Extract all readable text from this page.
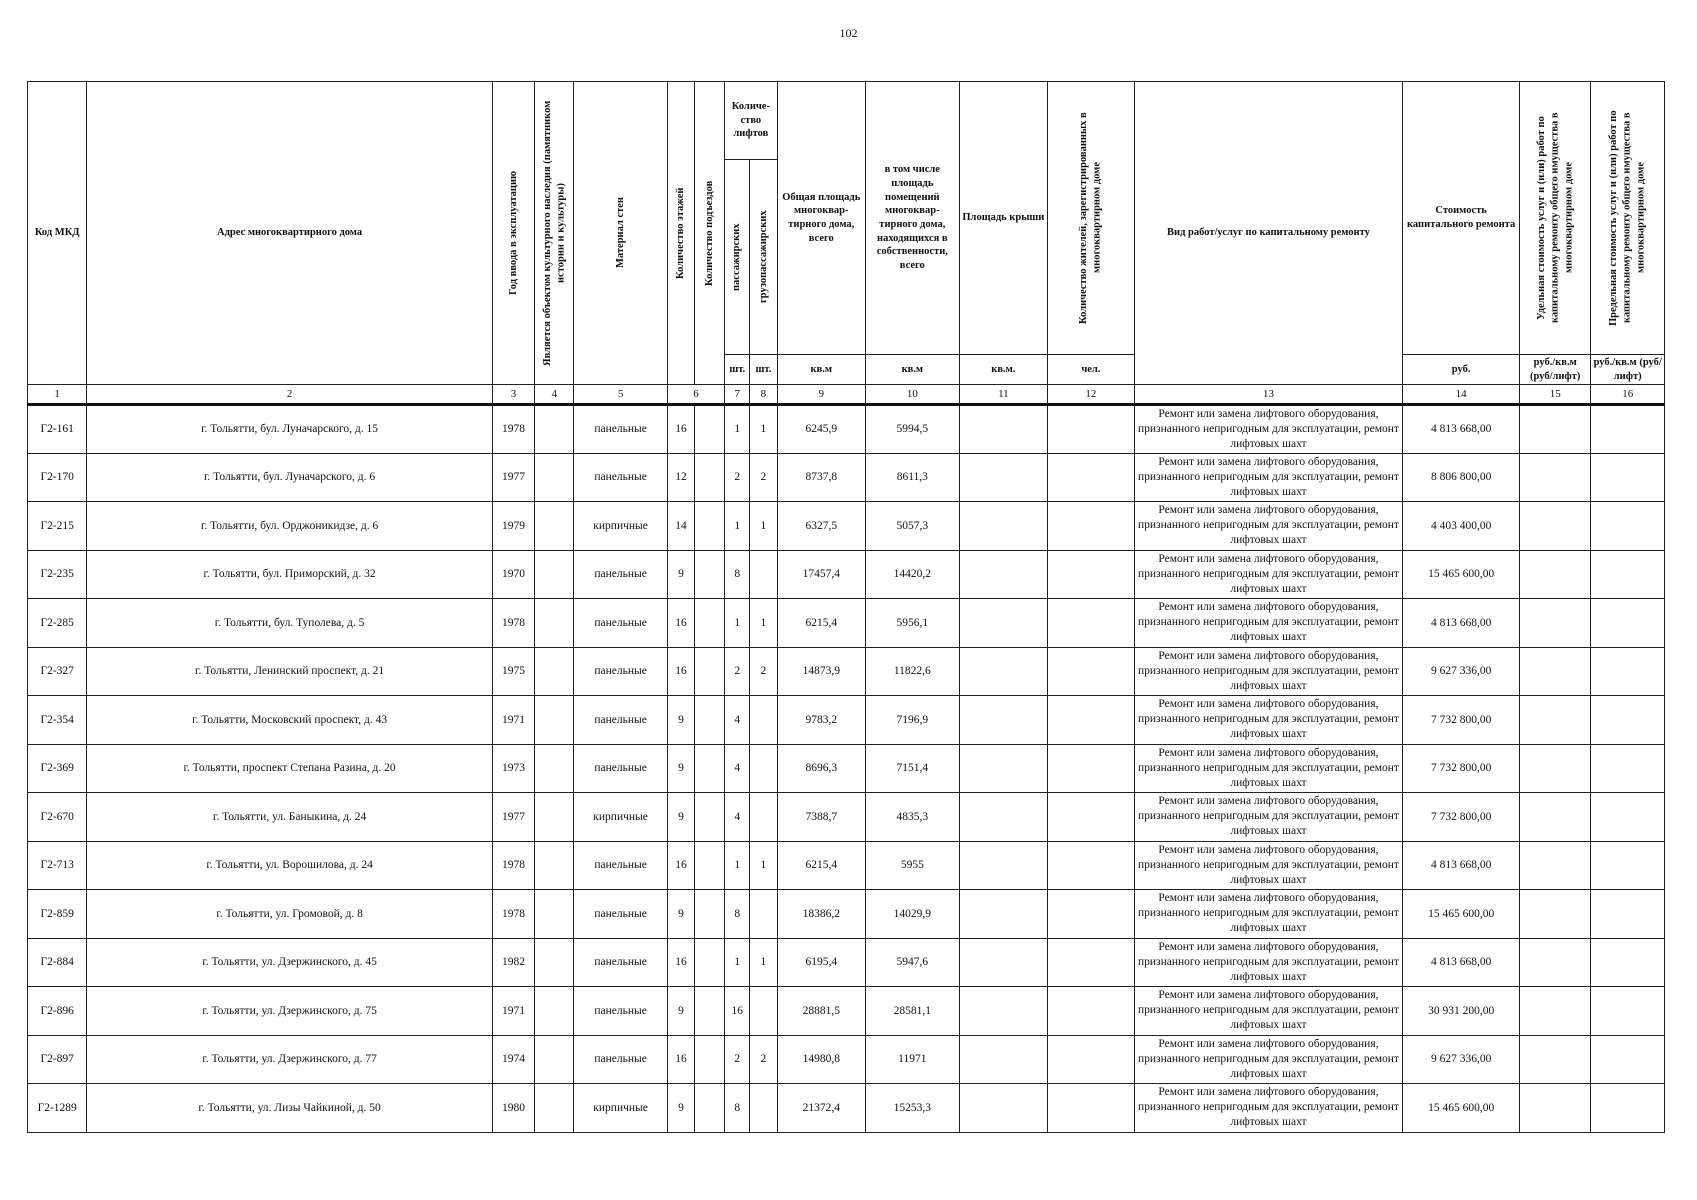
102
Код МКД	Адрес многоквартирного дома	Год ввода в эксплуатацию	Является объектом культурного наследия (памятником истории и культуры)	Материал стен	Количество этажей	Количество подъездов	Количе-ство лифтов		Общая площадь многоквар-тирного дома, всего	в том числе площадь помещений многоквар-тирного дома, находящихся в собственности, всего	Площадь крыши	Количество жителей, зарегистрированных в многоквартирном доме	Вид работ/услуг по капитальному ремонту	Стоимость капитального ремонта	Удельная стоимость услуг и (или) работ по капитальному ремонту общего имущества в многоквартирном доме	Предельная стоимость услуг и (или) работ по капитальному ремонту общего имущества в многоквартирном доме

							пассажирских	грузопассажирских								

							шт.	шт.	кв.м	кв.м	кв.м.	чел.		руб.	руб./кв.м (руб/лифт)	руб./кв.м (руб/лифт)
1	2	3	4	5	6		7	8	9	10	11	12	13	14	15	16
Г2-161	г. Тольятти, бул. Луначарского, д. 15	1978		панельные	16		1	1	6245,9	5994,5			Ремонт или замена лифтового оборудования, признанного непригодным для эксплуатации, ремонт лифтовых шахт	4 813 668,00		
Г2-170	г. Тольятти, бул. Луначарского, д. 6	1977		панельные	12		2	2	8737,8	8611,3			Ремонт или замена лифтового оборудования, признанного непригодным для эксплуатации, ремонт лифтовых шахт	8 806 800,00		
Г2-215	г. Тольятти, бул. Орджоникидзе, д. 6	1979		кирпичные	14		1	1	6327,5	5057,3			Ремонт или замена лифтового оборудования, признанного непригодным для эксплуатации, ремонт лифтовых шахт	4 403 400,00		
Г2-235	г. Тольятти, бул. Приморский, д. 32	1970		панельные	9		8		17457,4	14420,2			Ремонт или замена лифтового оборудования, признанного непригодным для эксплуатации, ремонт лифтовых шахт	15 465 600,00		
Г2-285	г. Тольятти, бул. Туполева, д. 5	1978		панельные	16		1	1	6215,4	5956,1			Ремонт или замена лифтового оборудования, признанного непригодным для эксплуатации, ремонт лифтовых шахт	4 813 668,00		
Г2-327	г. Тольятти, Ленинский проспект, д. 21	1975		панельные	16		2	2	14873,9	11822,6			Ремонт или замена лифтового оборудования, признанного непригодным для эксплуатации, ремонт лифтовых шахт	9 627 336,00		
Г2-354	г. Тольятти, Московский проспект, д. 43	1971		панельные	9		4		9783,2	7196,9			Ремонт или замена лифтового оборудования, признанного непригодным для эксплуатации, ремонт лифтовых шахт	7 732 800,00		
Г2-369	г. Тольятти, проспект Степана Разина, д. 20	1973		панельные	9		4		8696,3	7151,4			Ремонт или замена лифтового оборудования, признанного непригодным для эксплуатации, ремонт лифтовых шахт	7 732 800,00		
Г2-670	г. Тольятти, ул. Баныкина, д. 24	1977		кирпичные	9		4		7388,7	4835,3			Ремонт или замена лифтового оборудования, признанного непригодным для эксплуатации, ремонт лифтовых шахт	7 732 800,00		
Г2-713	г. Тольятти, ул. Ворошилова, д. 24	1978		панельные	16		1	1	6215,4	5955			Ремонт или замена лифтового оборудования, признанного непригодным для эксплуатации, ремонт лифтовых шахт	4 813 668,00		
Г2-859	г. Тольятти, ул. Громовой, д. 8	1978		панельные	9		8		18386,2	14029,9			Ремонт или замена лифтового оборудования, признанного непригодным для эксплуатации, ремонт лифтовых шахт	15 465 600,00		
Г2-884	г. Тольятти, ул. Дзержинского, д. 45	1982		панельные	16		1	1	6195,4	5947,6			Ремонт или замена лифтового оборудования, признанного непригодным для эксплуатации, ремонт лифтовых шахт	4 813 668,00		
Г2-896	г. Тольятти, ул. Дзержинского, д. 75	1971		панельные	9		16		28881,5	28581,1			Ремонт или замена лифтового оборудования, признанного непригодным для эксплуатации, ремонт лифтовых шахт	30 931 200,00		
Г2-897	г. Тольятти, ул. Дзержинского, д. 77	1974		панельные	16		2	2	14980,8	11971			Ремонт или замена лифтового оборудования, признанного непригодным для эксплуатации, ремонт лифтовых шахт	9 627 336,00		
Г2-1289	г. Тольятти, ул. Лизы Чайкиной, д. 50	1980		кирпичные	9		8		21372,4	15253,3			Ремонт или замена лифтового оборудования, признанного непригодным для эксплуатации, ремонт лифтовых шахт	15 465 600,00		
